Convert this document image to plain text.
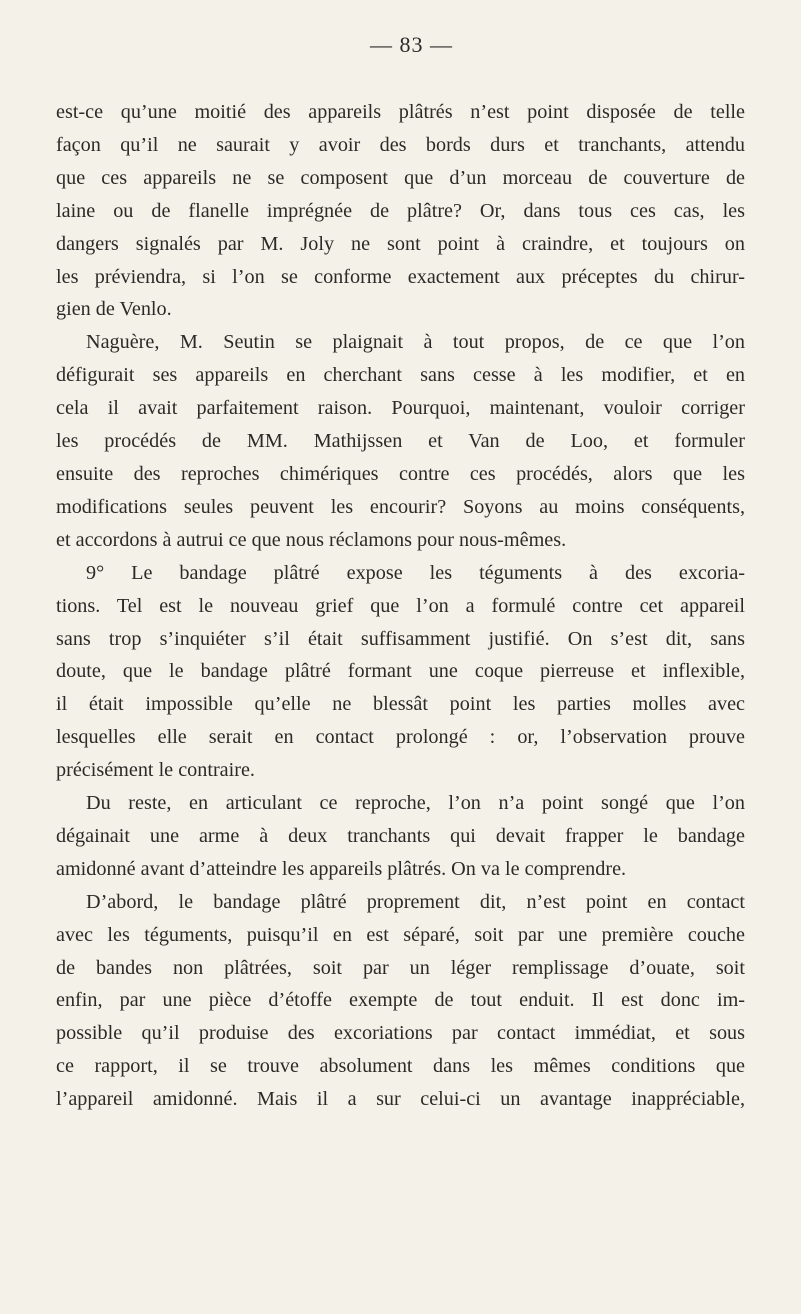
— 83 —
est-ce qu’une moitié des appareils plâtrés n’est point disposée de telle
façon qu’il ne saurait y avoir des bords durs et tranchants, attendu
que ces appareils ne se composent que d’un morceau de couverture de
laine ou de flanelle imprégnée de plâtre? Or, dans tous ces cas, les
dangers signalés par M. Joly ne sont point à craindre, et toujours on
les préviendra, si l’on se conforme exactement aux préceptes du chirur-
gien de Venlo.
Naguère, M. Seutin se plaignait à tout propos, de ce que l’on
défigurait ses appareils en cherchant sans cesse à les modifier, et en
cela il avait parfaitement raison. Pourquoi, maintenant, vouloir corriger
les procédés de MM. Mathijssen et Van de Loo, et formuler
ensuite des reproches chimériques contre ces procédés, alors que les
modifications seules peuvent les encourir? Soyons au moins conséquents,
et accordons à autrui ce que nous réclamons pour nous-mêmes.
9° Le bandage plâtré expose les téguments à des excoria-
tions. Tel est le nouveau grief que l’on a formulé contre cet appareil
sans trop s’inquiéter s’il était suffisamment justifié. On s’est dit, sans
doute, que le bandage plâtré formant une coque pierreuse et inflexible,
il était impossible qu’elle ne blessât point les parties molles avec
lesquelles elle serait en contact prolongé : or, l’observation prouve
précisément le contraire.
Du reste, en articulant ce reproche, l’on n’a point songé que l’on
dégainait une arme à deux tranchants qui devait frapper le bandage
amidonné avant d’atteindre les appareils plâtrés. On va le comprendre.
D’abord, le bandage plâtré proprement dit, n’est point en contact
avec les téguments, puisqu’il en est séparé, soit par une première couche
de bandes non plâtrées, soit par un léger remplissage d’ouate, soit
enfin, par une pièce d’étoffe exempte de tout enduit. Il est donc im-
possible qu’il produise des excoriations par contact immédiat, et sous
ce rapport, il se trouve absolument dans les mêmes conditions que
l’appareil amidonné. Mais il a sur celui-ci un avantage inappréciable,
